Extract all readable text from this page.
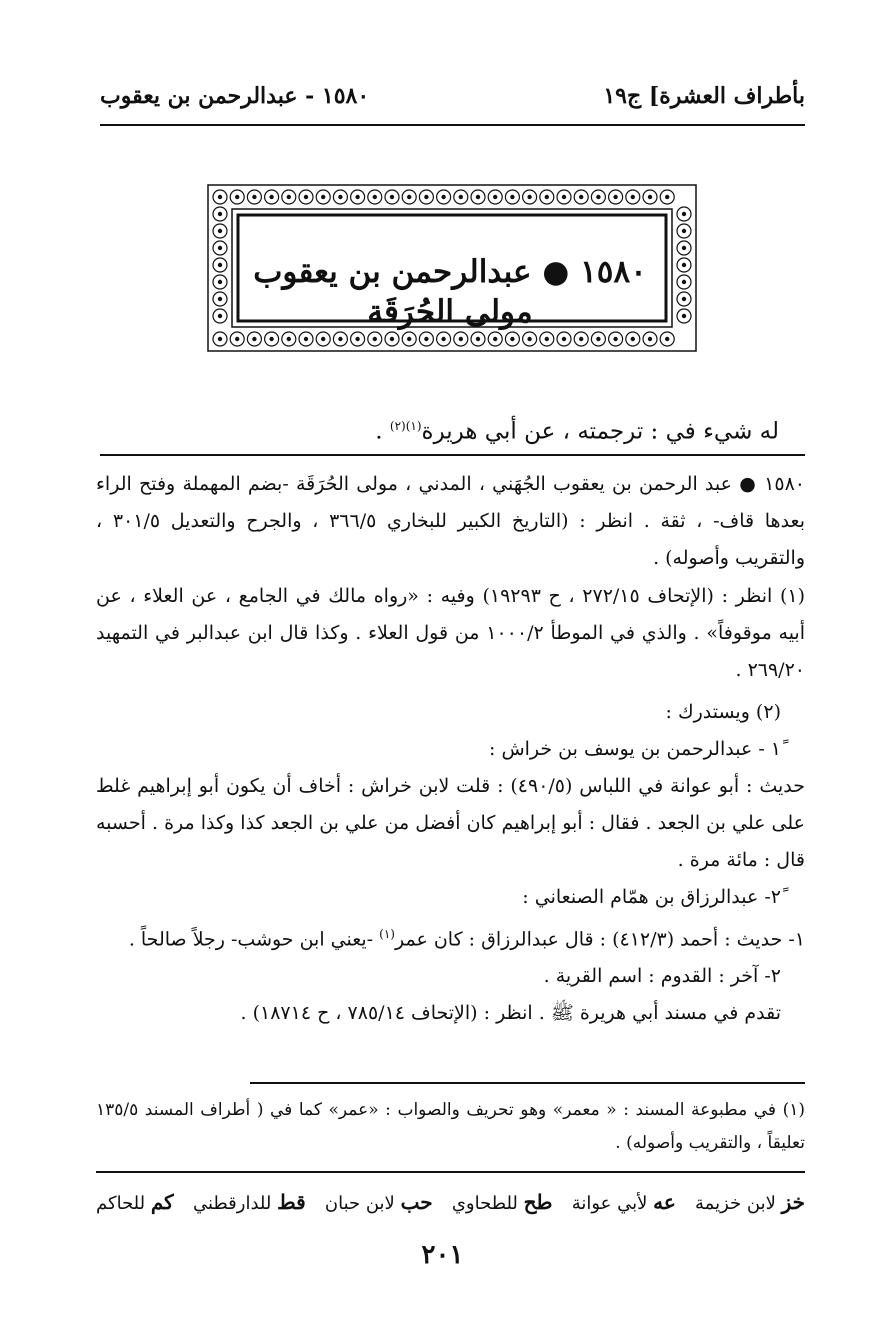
بأطراف العشرة] ج١٩
١٥٨٠ - عبدالرحمن بن يعقوب
١٥٨٠ ● عبدالرحمن بن يعقوب مولى الحُرَقَة
له شيء في : ترجمته ، عن أبي هريرة$^{(١)(٢)}$ .
١٥٨٠ ● عبد الرحمن بن يعقوب الجُهَني ، المدني ، مولى الحُرَقَة -بضم المهملة وفتح الراء بعدها قاف- ، ثقة . انظر : (التاريخ الكبير للبخاري ٣٦٦/٥ ، والجرح والتعديل ٣٠١/٥ ، والتقريب وأصوله) .
(١) انظر : (الإتحاف ٢٧٢/١٥ ، ح ١٩٢٩٣) وفيه : «رواه مالك في الجامع ، عن العلاء ، عن أبيه موقوفاً» . والذي في الموطأ ١٠٠٠/٢ من قول العلاء . وكذا قال ابن عبدالبر في التمهيد ٢٦٩/٢٠ .
(٢) ويستدرك :
١ً - عبدالرحمن بن يوسف بن خراش :
حديث : أبو عوانة في اللباس (٤٩٠/٥) : قلت لابن خراش : أخاف أن يكون أبو إبراهيم غلط على علي بن الجعد . فقال : أبو إبراهيم كان أفضل من علي بن الجعد كذا وكذا مرة . أحسبه قال : مائة مرة .
٢ً- عبدالرزاق بن همّام الصنعاني :
١- حديث : أحمد (٤١٢/٣) : قال عبدالرزاق : كان عمر$^{(١)}$ -يعني ابن حوشب- رجلاً صالحاً .
٢- آخر : القدوم : اسم القرية .
تقدم في مسند أبي هريرة ﷺ . انظر : (الإتحاف ٧٨٥/١٤ ، ح ١٨٧١٤) .
(١) في مطبوعة المسند : « معمر» وهو تحريف والصواب : «عمر» كما في ( أطراف المسند ١٣٥/٥ تعليقاً ، والتقريب وأصوله) .
خز لابن خزيمة
عه لأبي عوانة
طح للطحاوي
حب لابن حبان
قط للدارقطني
كم للحاكم
٢٠١
